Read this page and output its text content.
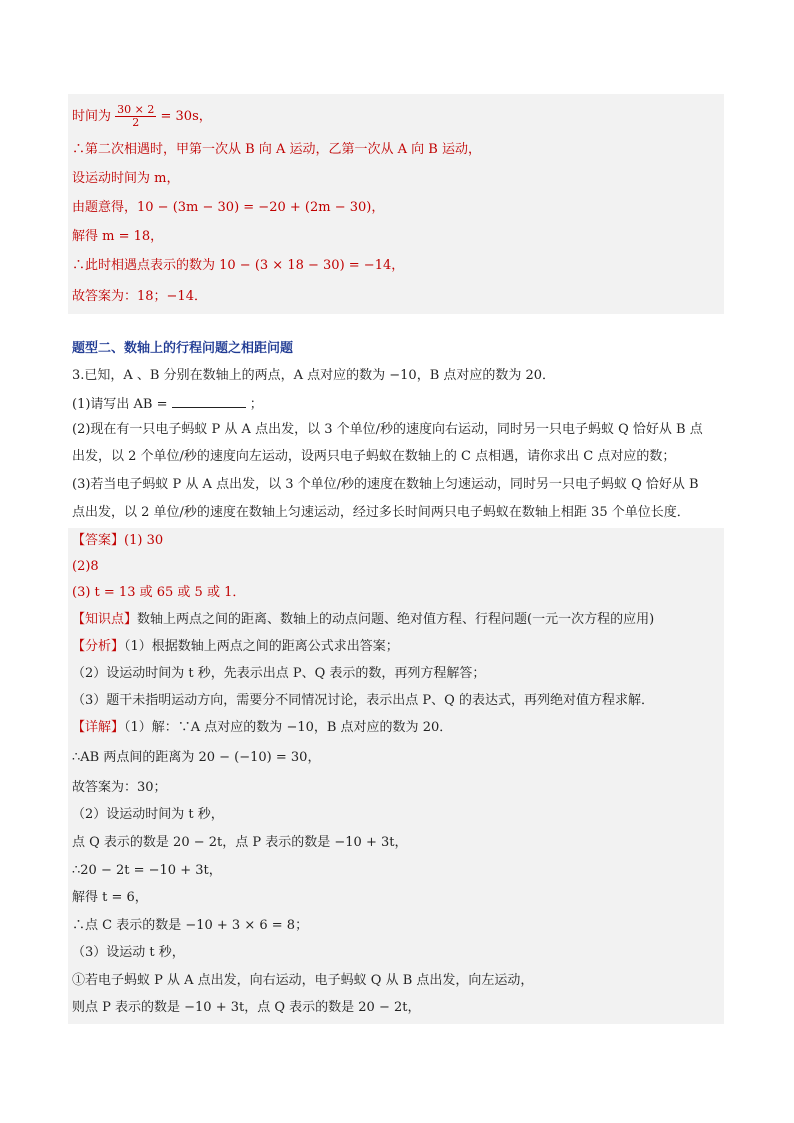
时间为 $\frac{30 \times 2}{2} = 30s$，
∴第二次相遇时，甲第一次从 B 向 A 运动，乙第一次从 A 向 B 运动，
设运动时间为 m，
由题意得，10 − (3m − 30) = −20 + (2m − 30)，
解得 m = 18，
∴此时相遇点表示的数为 10 − (3 × 18 − 30) = −14，
故答案为：18；−14．
题型二、数轴上的行程问题之相距问题
3.已知，A 、B 分别在数轴上的两点，A 点对应的数为 −10，B 点对应的数为 20．
(1)请写出 AB =	；
(2)现在有一只电子蚂蚁 P 从 A 点出发，以 3 个单位/秒的速度向右运动，同时另一只电子蚂蚁 Q 恰好从 B 点
出发，以 2 个单位/秒的速度向左运动，设两只电子蚂蚁在数轴上的 C 点相遇，请你求出 C 点对应的数；
(3)若当电子蚂蚁 P 从 A 点出发，以 3 个单位/秒的速度在数轴上匀速运动，同时另一只电子蚂蚁 Q 恰好从 B
点出发，以 2 单位/秒的速度在数轴上匀速运动，经过多长时间两只电子蚂蚁在数轴上相距 35 个单位长度．
【答案】(1) 30
(2)8
(3) t = 13 或 65 或 5 或 1．
【知识点】数轴上两点之间的距离、数轴上的动点问题、绝对值方程、行程问题(一元一次方程的应用)
【分析】（1）根据数轴上两点之间的距离公式求出答案；
（2）设运动时间为 t 秒，先表示出点 P、Q 表示的数，再列方程解答；
（3）题干未指明运动方向，需要分不同情况讨论，表示出点 P、Q 的表达式，再列绝对值方程求解．
【详解】（1）解：∵A 点对应的数为 −10，B 点对应的数为 20．
∴AB 两点间的距离为 20 − (−10) = 30，
故答案为：30；
（2）设运动时间为 t 秒，
点 Q 表示的数是 20 − 2t，点 P 表示的数是 −10 + 3t，
∴20 − 2t = −10 + 3t，
解得 t = 6，
∴点 C 表示的数是 −10 + 3 × 6 = 8；
（3）设运动 t 秒，
①若电子蚂蚁 P 从 A 点出发，向右运动，电子蚂蚁 Q 从 B 点出发，向左运动，
则点 P 表示的数是 −10 + 3t，点 Q 表示的数是 20 − 2t，
